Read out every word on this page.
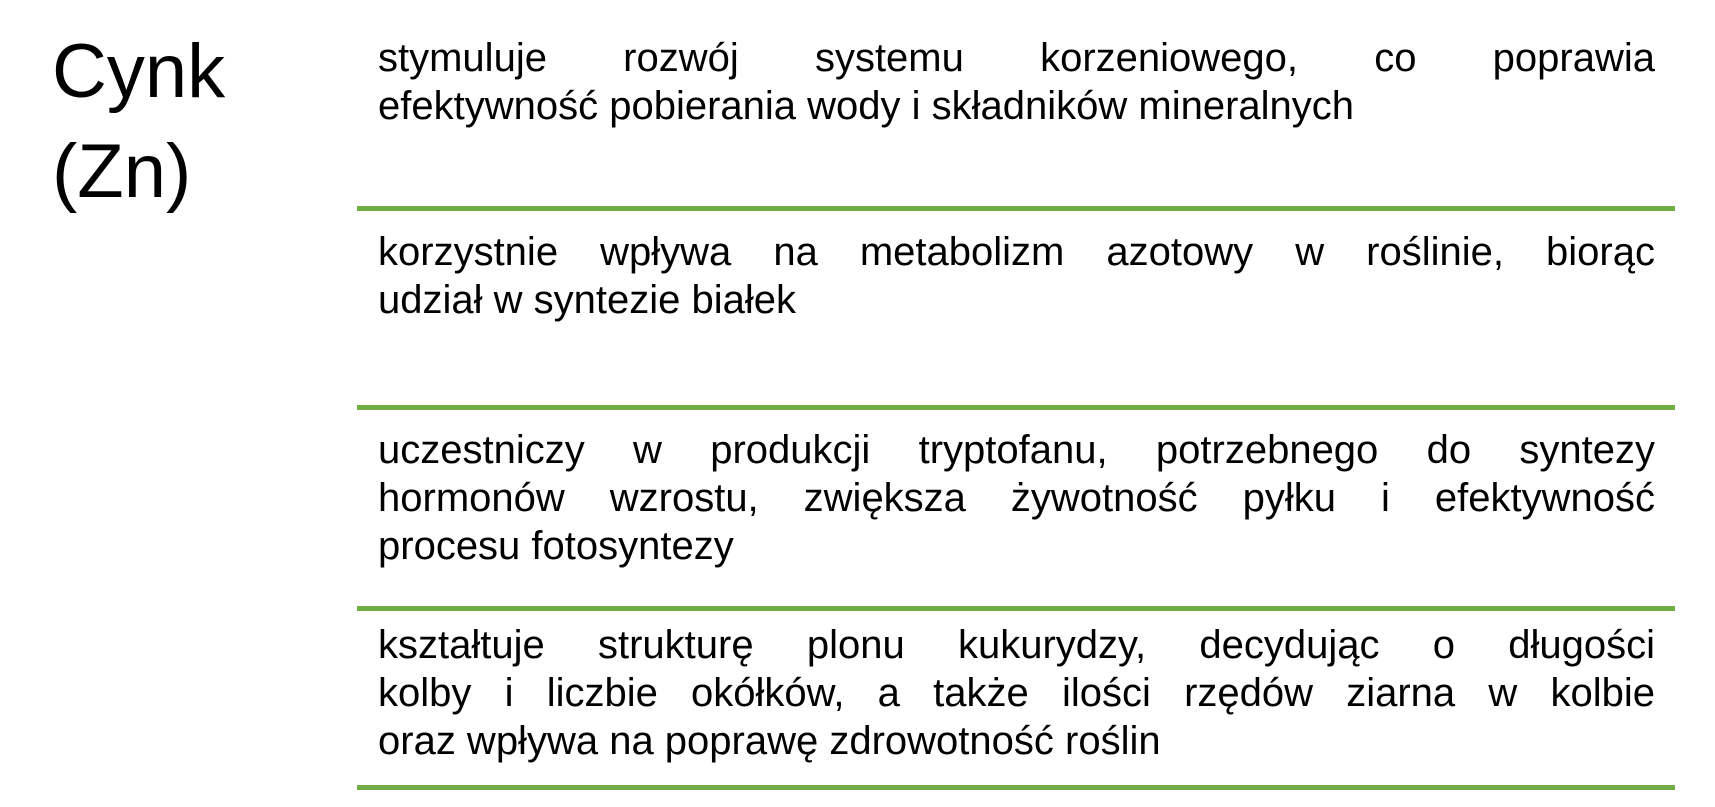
Cynk
(Zn)
stymuluje rozwój systemu korzeniowego, co poprawia
efektywność pobierania wody i składników mineralnych
korzystnie wpływa na metabolizm azotowy w roślinie, biorąc
udział w syntezie białek
uczestniczy w produkcji tryptofanu, potrzebnego do syntezy
hormonów wzrostu, zwiększa żywotność pyłku i efektywność
procesu fotosyntezy
kształtuje strukturę plonu kukurydzy, decydując o długości
kolby i liczbie okółków, a także ilości rzędów ziarna w kolbie
oraz wpływa na poprawę zdrowotność roślin
